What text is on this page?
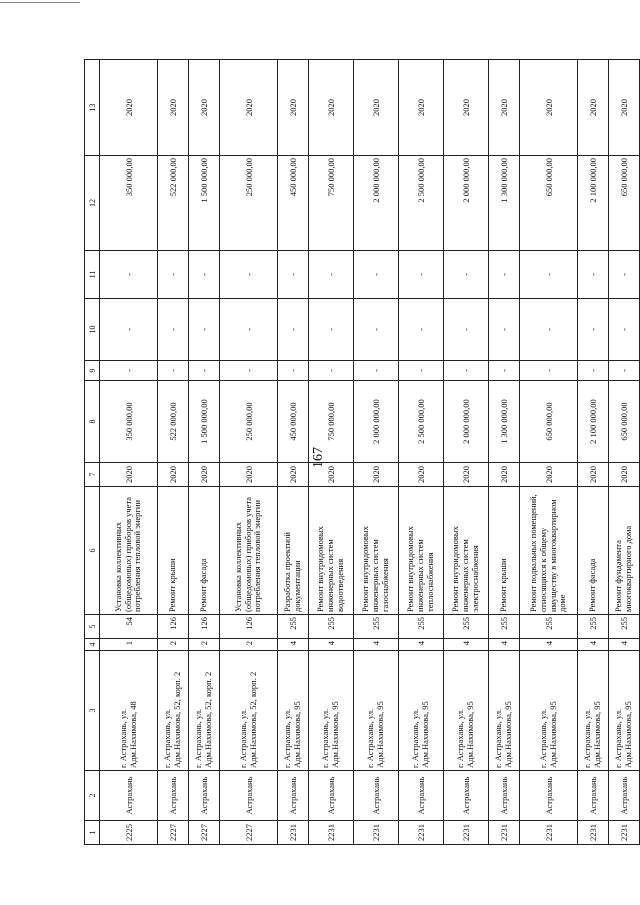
167
1	2	3	4	5	6	7	8	9	10	11	12	13
2225	Астрахань	г. Астрахань, ул. Адм.Нахимова, 48	1	54	Установка коллективных (общедомовых) приборов учета потребления тепловой энергии	2020	350 000,00	-	-	-	350 000,00	2020
2227	Астрахань	г. Астрахань, ул. Адм.Нахимова, 52, корп. 2	2	126	Ремонт крыши	2020	522 000,00	-	-	-	522 000,00	2020
2227	Астрахань	г. Астрахань, ул. Адм.Нахимова, 52, корп. 2	2	126	Ремонт фасада	2020	1 500 000,00	-	-	-	1 500 000,00	2020
2227	Астрахань	г. Астрахань, ул. Адм.Нахимова, 52, корп. 2	2	126	Установка коллективных (общедомовых) приборов учета потребления тепловой энергии	2020	250 000,00	-	-	-	250 000,00	2020
2231	Астрахань	г. Астрахань, ул. Адм.Нахимова, 95	4	255	Разработка проектной документации	2020	450 000,00	-	-	-	450 000,00	2020
2231	Астрахань	г. Астрахань, ул. Адм.Нахимова, 95	4	255	Ремонт внутридомовых инженерных систем водоотведения	2020	750 000,00	-	-	-	750 000,00	2020
2231	Астрахань	г. Астрахань, ул. Адм.Нахимова, 95	4	255	Ремонт внутридомовых инженерных систем газоснабжения	2020	2 000 000,00	-	-	-	2 000 000,00	2020
2231	Астрахань	г. Астрахань, ул. Адм.Нахимова, 95	4	255	Ремонт внутридомовых инженерных систем теплоснабжения	2020	2 500 000,00	-	-	-	2 500 000,00	2020
2231	Астрахань	г. Астрахань, ул. Адм.Нахимова, 95	4	255	Ремонт внутридомовых инженерных систем электроснабжения	2020	2 000 000,00	-	-	-	2 000 000,00	2020
2231	Астрахань	г. Астрахань, ул. Адм.Нахимова, 95	4	255	Ремонт крыши	2020	1 300 000,00	-	-	-	1 300 000,00	2020
2231	Астрахань	г. Астрахань, ул. Адм.Нахимова, 95	4	255	Ремонт подвальных помещений, относящихся к общему имуществу в многоквартирном доме	2020	650 000,00	-	-	-	650 000,00	2020
2231	Астрахань	г. Астрахань, ул. Адм.Нахимова, 95	4	255	Ремонт фасада	2020	2 100 000,00	-	-	-	2 100 000,00	2020
2231	Астрахань	г. Астрахань, ул. Адм.Нахимова, 95	4	255	Ремонт фундамента многоквартирного дома	2020	650 000,00	-	-	-	650 000,00	2020
